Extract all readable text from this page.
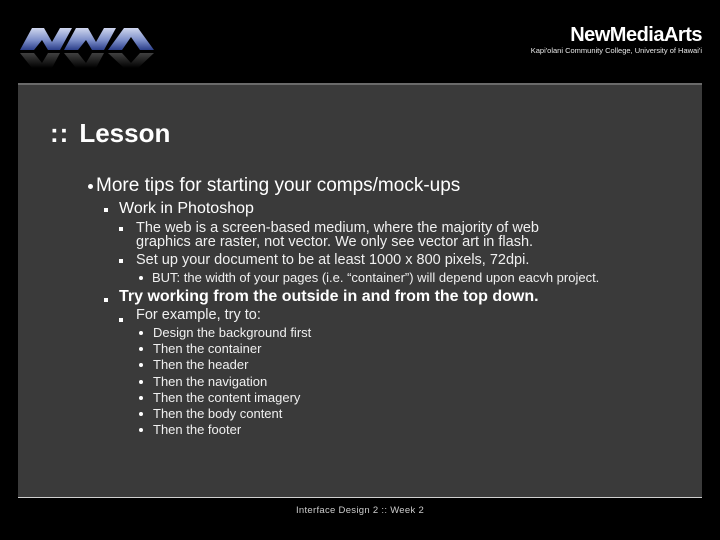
NewMediaArts
Kapi'olani Community College, University of Hawai'i
:: Lesson
More tips for starting your comps/mock-ups
Work in Photoshop
The web is a screen-based medium, where the majority of web
graphics are raster, not vector. We only see vector art in flash.
Set up your document to be at least 1000 x 800 pixels, 72dpi.
BUT: the width of your pages (i.e. “container”) will depend upon eacvh project.
Try working from the outside in and from the top down.
For example, try to:
Design the background first
Then the container
Then the header
Then the navigation
Then the content imagery
Then the body content
Then the footer
Interface Design 2 :: Week 2
